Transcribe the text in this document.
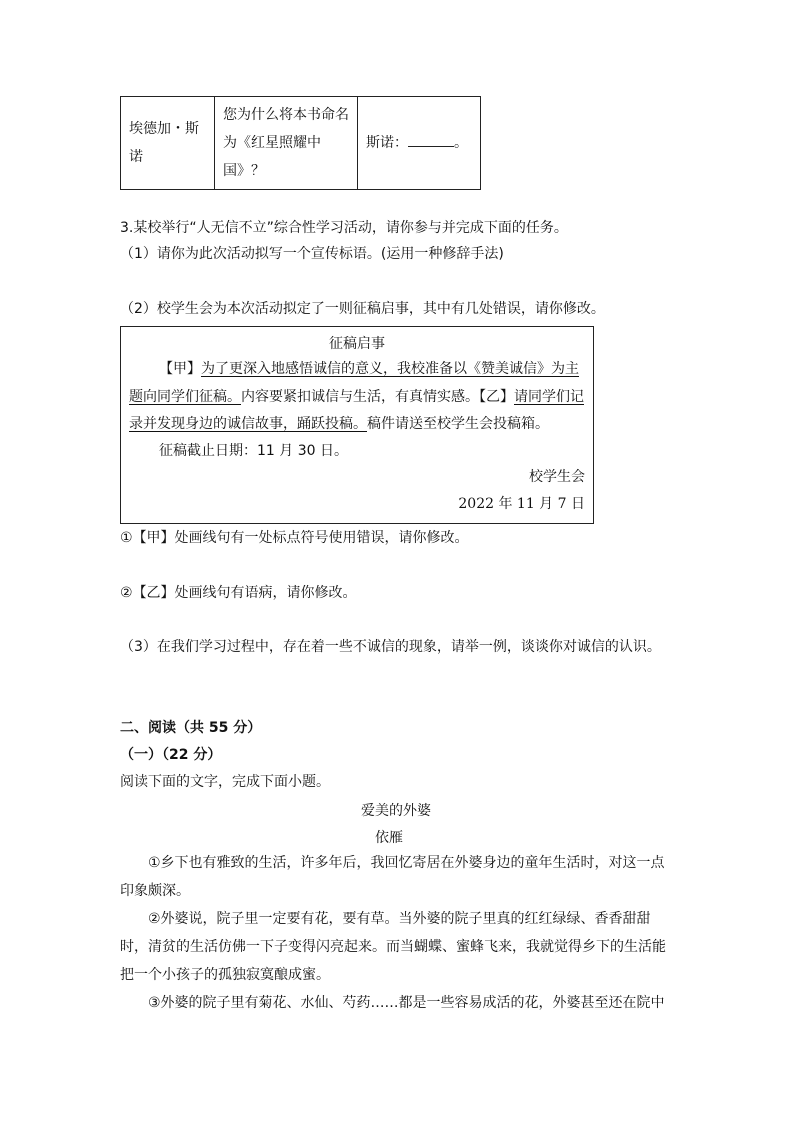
埃德加・斯诺	您为什么将本书命名为《红星照耀中国》？	斯诺：	。
3.某校举行“人无信不立”综合性学习活动，请你参与并完成下面的任务。
（1）请你为此次活动拟写一个宣传标语。(运用一种修辞手法)
（2）校学生会为本次活动拟定了一则征稿启事，其中有几处错误，请你修改。
征稿启事
【甲】为了更深入地感悟诚信的意义，我校准备以《赞美诚信》为主
题向同学们征稿。内容要紧扣诚信与生活，有真情实感。【乙】请同学们记
录并发现身边的诚信故事，踊跃投稿。稿件请送至校学生会投稿箱。
征稿截止日期：11 月 30 日。
校学生会
2022 年 11 月 7 日
①【甲】处画线句有一处标点符号使用错误，请你修改。
②【乙】处画线句有语病，请你修改。
（3）在我们学习过程中，存在着一些不诚信的现象，请举一例，谈谈你对诚信的认识。
二、阅读（共 55 分）
（一）（22 分）
阅读下面的文字，完成下面小题。
爱美的外婆
依雁
①乡下也有雅致的生活，许多年后，我回忆寄居在外婆身边的童年生活时，对这一点
印象颇深。
②外婆说，院子里一定要有花，要有草。当外婆的院子里真的红红绿绿、香香甜甜
时，清贫的生活仿佛一下子变得闪亮起来。而当蝴蝶、蜜蜂飞来，我就觉得乡下的生活能
把一个小孩子的孤独寂寞酿成蜜。
③外婆的院子里有菊花、水仙、芍药……都是一些容易成活的花，外婆甚至还在院中
